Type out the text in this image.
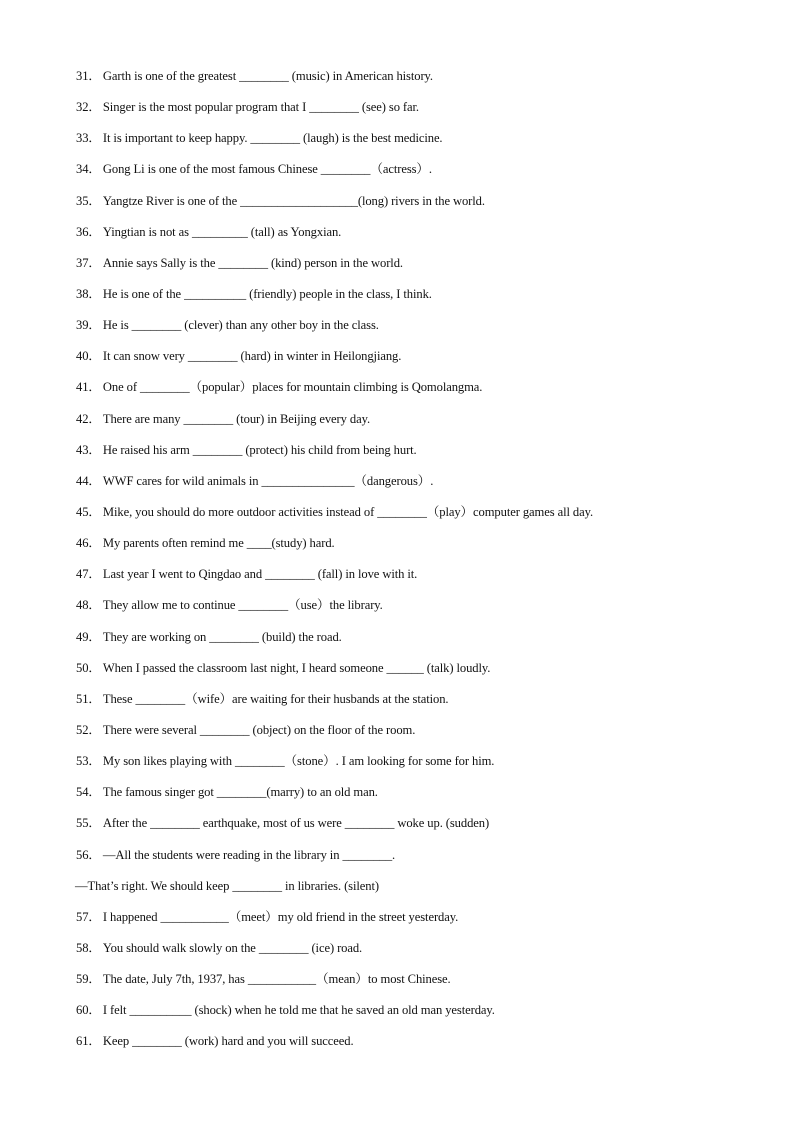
31． Garth is one of the greatest ________ (music) in American history.
32． Singer is the most popular program that I ________ (see) so far.
33． It is important to keep happy. ________ (laugh) is the best medicine.
34． Gong Li is one of the most famous Chinese ________（actress）.
35． Yangtze River is one of the ___________________(long) rivers in the world.
36． Yingtian is not as _________ (tall) as Yongxian.
37． Annie says Sally is the ________ (kind) person in the world.
38． He is one of the __________ (friendly) people in the class, I think.
39． He is ________ (clever) than any other boy in the class.
40． It can snow very ________ (hard) in winter in Heilongjiang.
41． One of ________（popular）places for mountain climbing is Qomolangma.
42． There are many ________ (tour) in Beijing every day.
43． He raised his arm ________ (protect) his child from being hurt.
44． WWF cares for wild animals in _______________（dangerous）.
45． Mike, you should do more outdoor activities instead of ________（play）computer games all day.
46． My parents often remind me ____(study) hard.
47． Last year I went to Qingdao and ________ (fall) in love with it.
48． They allow me to continue ________（use）the library.
49． They are working on ________ (build) the road.
50． When I passed the classroom last night, I heard someone ______ (talk) loudly.
51． These ________（wife）are waiting for their husbands at the station.
52． There were several ________ (object) on the floor of the room.
53． My son likes playing with ________（stone）. I am looking for some for him.
54． The famous singer got ________(marry) to an old man.
55． After the ________ earthquake, most of us were ________ woke up. (sudden)
56． —All the students were reading in the library in ________.
—That’s right. We should keep ________ in libraries. (silent)
57． I happened ___________（meet）my old friend in the street yesterday.
58． You should walk slowly on the ________ (ice) road.
59． The date, July 7th, 1937, has ___________（mean）to most Chinese.
60． I felt __________ (shock) when he told me that he saved an old man yesterday.
61． Keep ________ (work) hard and you will succeed.
